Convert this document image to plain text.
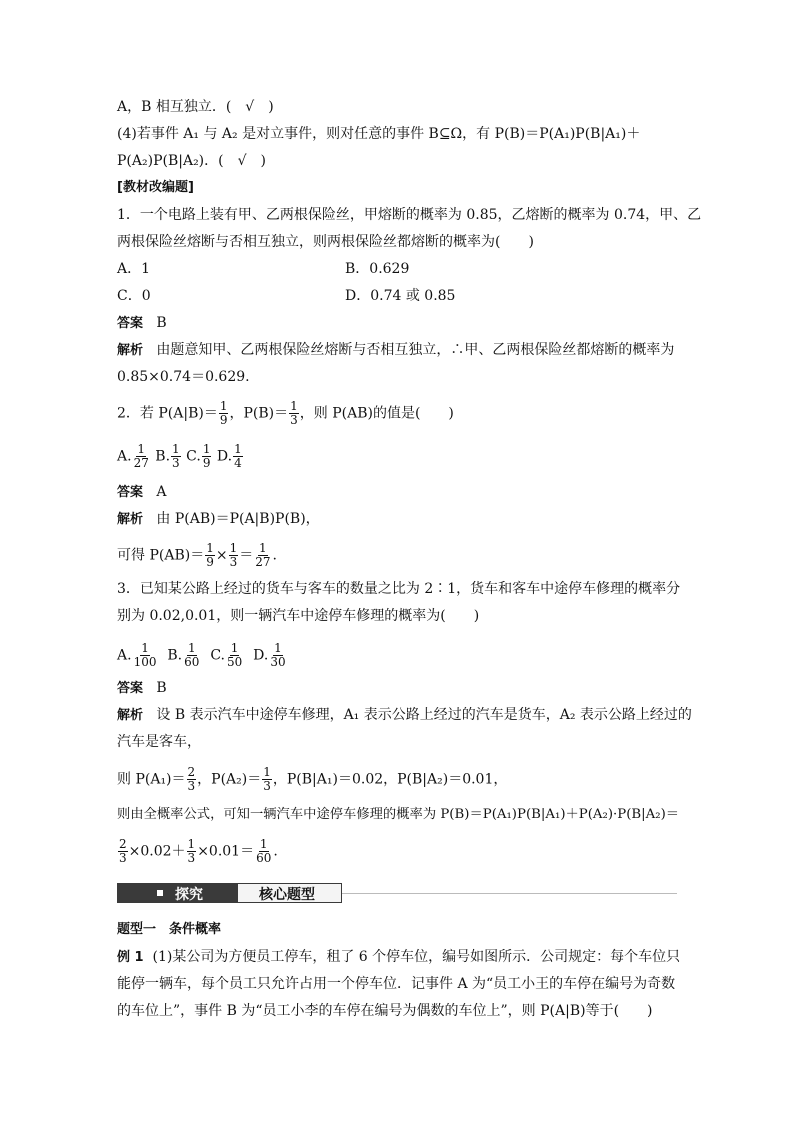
A，B 相互独立．(　√　)
(4)若事件 A₁ 与 A₂ 是对立事件，则对任意的事件 B⊆Ω，有 P(B)＝P(A₁)P(B|A₁)＋
P(A₂)P(B|A₂)．(　√　)
[教材改编题]
1．一个电路上装有甲、乙两根保险丝，甲熔断的概率为 0.85，乙熔断的概率为 0.74，甲、乙
两根保险丝熔断与否相互独立，则两根保险丝都熔断的概率为(　　)
A．1	B．0.629
C．0	D．0.74 或 0.85
答案 B
解析 由题意知甲、乙两根保险丝熔断与否相互独立，∴甲、乙两根保险丝都熔断的概率为
0.85×0.74＝0.629.
2．若 $P(A|B)= \frac{1}{9}$ ，$P(B)= \frac{1}{3}$ ，则 P(AB)的值是(　　)
A. $\frac{1}{27} B$. $\frac{1}{3} C$. $\frac{1}{9} D$. $\frac{1}{4}$
答案 A
解析 由 P(AB)＝P(A|B)P(B)，
可得 $P(AB)= \frac{1}{9} \times \frac{1}{3} = \frac{1}{27}$ .
3．已知某公路上经过的货车与客车的数量之比为 2∶1，货车和客车中途停车修理的概率分
别为 0.02,0.01，则一辆汽车中途停车修理的概率为(　　)
A. $\frac{1}{100} B$. $\frac{1}{60} C$. $\frac{1}{50} D$. $\frac{1}{30}$
答案 B
解析 设 B 表示汽车中途停车修理，A₁ 表示公路上经过的汽车是货车，A₂ 表示公路上经过的
汽车是客车，
则 $P(A_1)= \frac{2}{3}$ ，$P(A_2)= \frac{1}{3}$ ，P(B|A₁)＝0.02，P(B|A₂)＝0.01，
则由全概率公式，可知一辆汽车中途停车修理的概率为 P(B)＝P(A₁)P(B|A₁)＋P(A₂)·P(B|A₂)＝
$\frac{2}{3} \times 0.02+ \frac{1}{3} \times 0.01= \frac{1}{60}$ .
探究	核心题型
题型一　条件概率
例 1 (1)某公司为方便员工停车，租了 6 个停车位，编号如图所示．公司规定：每个车位只
能停一辆车，每个员工只允许占用一个停车位．记事件 A 为“员工小王的车停在编号为奇数
的车位上”，事件 B 为“员工小李的车停在编号为偶数的车位上”，则 P(A|B)等于(　　)
